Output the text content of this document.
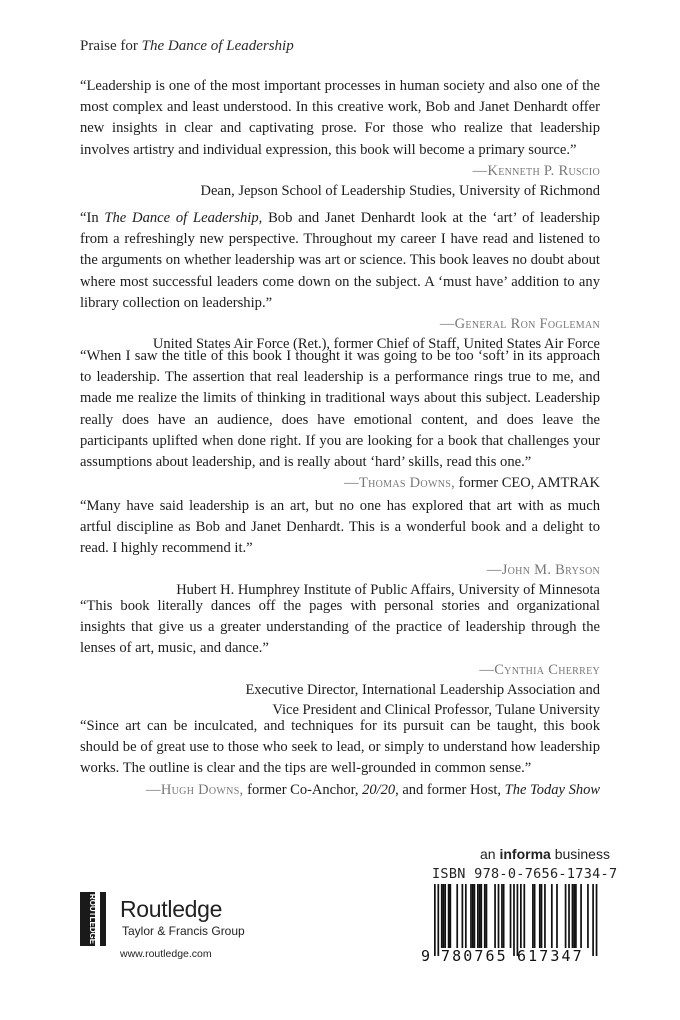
Praise for The Dance of Leadership

“Leadership is one of the most important processes in human society and also one of the most complex and least understood. In this creative work, Bob and Janet Denhardt offer new insights in clear and captivating prose. For those who realize that leadership involves artistry and individual expression, this book will become a primary source.”

—Kenneth P. Ruscio

Dean, Jepson School of Leadership Studies, University of Richmond

“In The Dance of Leadership, Bob and Janet Denhardt look at the ‘art’ of leadership from a refreshingly new perspective. Throughout my career I have read and listened to the arguments on whether leadership was art or science. This book leaves no doubt about where most successful leaders come down on the subject. A ‘must have’ addition to any library collection on leadership.”

—General Ron Fogleman

United States Air Force (Ret.), former Chief of Staff, United States Air Force

“When I saw the title of this book I thought it was going to be too ‘soft’ in its approach to leadership. The assertion that real leadership is a performance rings true to me, and made me realize the limits of thinking in traditional ways about this subject. Leadership really does have an audience, does have emotional content, and does leave the participants uplifted when done right. If you are looking for a book that challenges your assumptions about leadership, and is really about ‘hard’ skills, read this one.”

—Thomas Downs, former CEO, AMTRAK

“Many have said leadership is an art, but no one has explored that art with as much artful discipline as Bob and Janet Denhardt. This is a wonderful book and a delight to read. I highly recommend it.”

—John M. Bryson

Hubert H. Humphrey Institute of Public Affairs, University of Minnesota

“This book literally dances off the pages with personal stories and organizational insights that give us a greater understanding of the practice of leadership through the lenses of art, music, and dance.”

—Cynthia Cherrey

Executive Director, International Leadership Association and

Vice President and Clinical Professor, Tulane University

“Since art can be inculcated, and techniques for its pursuit can be taught, this book should be of great use to those who seek to lead, or simply to understand how leadership works. The outline is clear and the tips are well-grounded in common sense.”

—Hugh Downs, former Co-Anchor, 20/20, and former Host, The Today Show

ROUTLEDGE Routledge
Taylor & Francis Group
www.routledge.com
an informa business
ISBN 978-0-7656-1734-7
9 780765 617347
